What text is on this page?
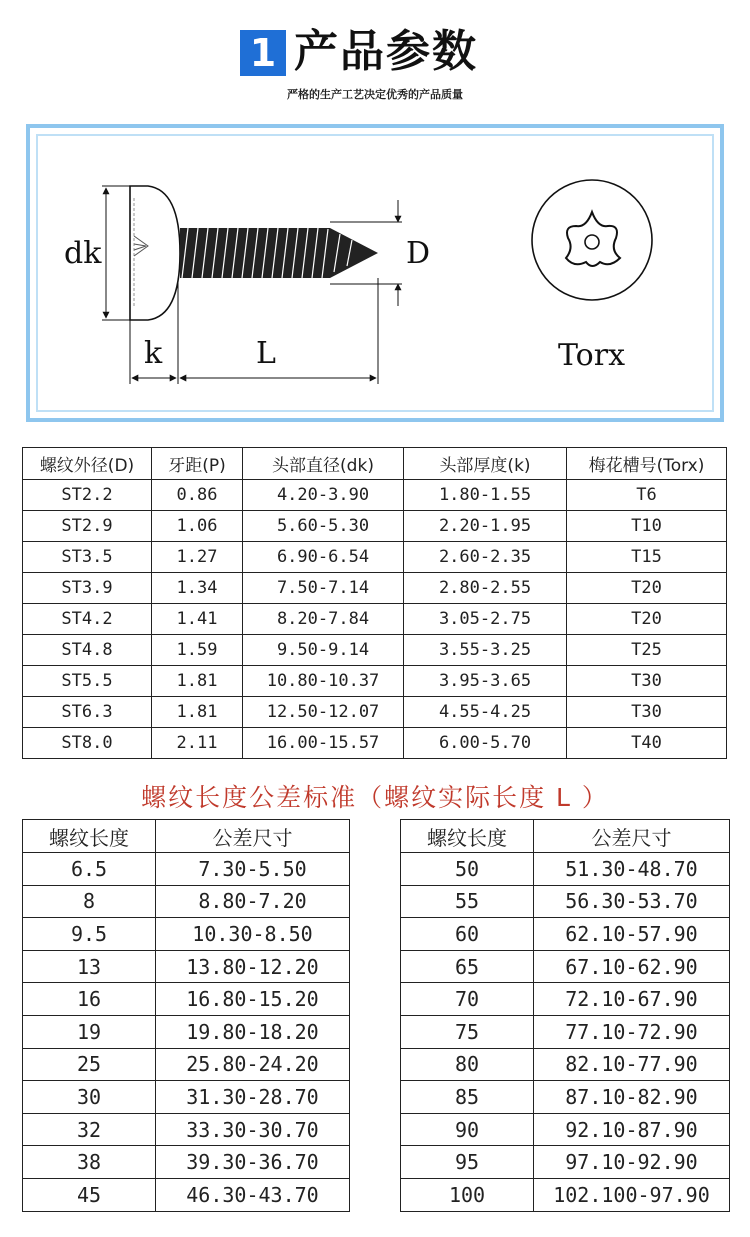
1 产品参数
严格的生产工艺决定优秀的产品质量
dk
k	L
D
Torx
螺纹外径(D)	牙距(P)	头部直径(dk)	头部厚度(k)	梅花槽号(Torx)
ST2.2	0.86	4.20-3.90	1.80-1.55	T6
ST2.9	1.06	5.60-5.30	2.20-1.95	T10
ST3.5	1.27	6.90-6.54	2.60-2.35	T15
ST3.9	1.34	7.50-7.14	2.80-2.55	T20
ST4.2	1.41	8.20-7.84	3.05-2.75	T20
ST4.8	1.59	9.50-9.14	3.55-3.25	T25
ST5.5	1.81	10.80-10.37	3.95-3.65	T30
ST6.3	1.81	12.50-12.07	4.55-4.25	T30
ST8.0	2.11	16.00-15.57	6.00-5.70	T40
螺纹长度公差标准（螺纹实际长度 L ）
螺纹长度	公差尺寸
6.5	7.30-5.50
8	8.80-7.20
9.5	10.30-8.50
13	13.80-12.20
16	16.80-15.20
19	19.80-18.20
25	25.80-24.20
30	31.30-28.70
32	33.30-30.70
38	39.30-36.70
45	46.30-43.70
螺纹长度	公差尺寸
50	51.30-48.70
55	56.30-53.70
60	62.10-57.90
65	67.10-62.90
70	72.10-67.90
75	77.10-72.90
80	82.10-77.90
85	87.10-82.90
90	92.10-87.90
95	97.10-92.90
100	102.100-97.90
